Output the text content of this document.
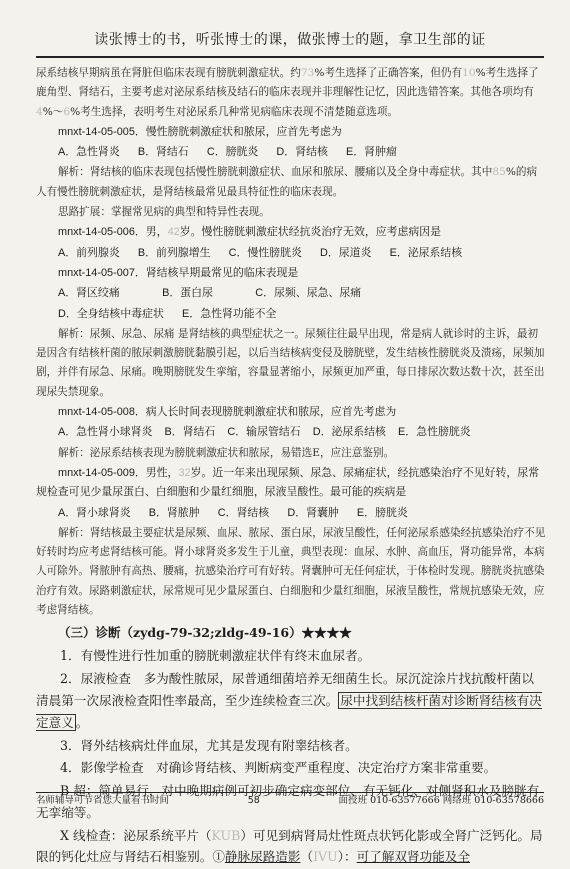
读张博士的书，听张博士的课，做张博士的题，拿卫生部的证

尿系结核早期病虽在肾脏但临床表现有膀胱刺激症状。约73%考生选择了正确答案，但仍有10%考生选择了鹿角型、肾结石，主要考虑对泌尿系结核及结石的临床表现并非理解性记忆，因此选错答案。其他各项均有4%～6%考生选择，表明考生对泌尿系几种常见病临床表现不清楚随意选项。

mnxt-14-05-005．慢性膀胱刺激症状和脓尿，应首先考虑为

A．急性肾炎      B．肾结石      C．膀胱炎      D．肾结核      E．肾肿瘤

解析：肾结核的临床表现包括慢性膀胱刺激症状、血尿和脓尿、腰痛以及全身中毒症状。其中85%的病人有慢性膀胱刺激症状，是肾结核最常见最具特征性的临床表现。

思路扩展：掌握常见病的典型和特异性表现。

mnxt-14-05-006．男，42岁。慢性膀胱刺激症状经抗炎治疗无效，应考虑病因是

A．前列腺炎      B．前列腺增生      C．慢性膀胱炎      D．尿道炎      E．泌尿系结核

mnxt-14-05-007．肾结核早期最常见的临床表现是

A．肾区绞痛              B．蛋白尿              C．尿频、尿急、尿痛

D．全身结核中毒症状      E．急性肾功能不全

解析：尿频、尿急、尿痛 是肾结核的典型症状之一。尿频往往最早出现，常是病人就诊时的主诉，最初是因含有结核杆菌的脓尿刺激膀胱黏膜引起，以后当结核病变侵及膀胱壁，发生结核性膀胱炎及溃疡，尿频加剧，并伴有尿急、尿痛。晚期膀胱发生挛缩，容量显著缩小，尿频更加严重，每日排尿次数达数十次，甚至出现尿失禁现象。

mnxt-14-05-008．病人长时间表现膀胱刺激症状和脓尿，应首先考虑为

A．急性肾小球肾炎    B．肾结石    C．输尿管结石    D．泌尿系结核    E．急性膀胱炎

解析：泌尿系结核表现为膀胱刺激症状和脓尿，易错选E，应注意鉴别。

mnxt-14-05-009．男性，32岁。近一年来出现尿频、尿急、尿痛症状，经抗感染治疗不见好转，尿常规检查可见少量尿蛋白、白细胞和少量红细胞，尿液呈酸性。最可能的疾病是

A．肾小球肾炎      B．肾脓肿      C．肾结核      D．肾囊肿      E．膀胱炎

解析：肾结核最主要症状是尿频、血尿、脓尿、蛋白尿，尿液呈酸性，任何泌尿系感染经抗感染治疗不见好转时均应考虑肾结核可能。肾小球肾炎多发生于儿童，典型表现：血尿、水肿、高血压，肾功能异常，本病人可除外。肾脓肿有高热、腰痛，抗感染治疗可有好转。肾囊肿可无任何症状，于体检时发现。膀胱炎抗感染治疗有效。尿路刺激症状，尿常规可见少量尿蛋白、白细胞和少量红细胞，尿液呈酸性，常规抗感染无效，应考虑肾结核。

（三）诊断（zydg-79-32;zldg-49-16）★★★★

1．有慢性进行性加重的膀胱刺激症状伴有终末血尿者。

2．尿液检查　多为酸性脓尿，尿普通细菌培养无细菌生长。尿沉淀涂片找抗酸杆菌以清晨第一次尿液检查阳性率最高，至少连续检查三次。 尿中找到结核杆菌对诊断肾结核有决定意义 。

3．肾外结核病灶伴血尿，尤其是发现有附睾结核者。

4．影像学检查　对确诊肾结核、判断病变严重程度、决定治疗方案非常重要。

B 超：简单易行，对中晚期病例可初步确定病变部位、有无钙化、对侧肾积水及膀胱有无挛缩等。

X 线检查：泌尿系统平片（KUB）可见到病肾局灶性斑点状钙化影或全肾广泛钙化。局限的钙化灶应与肾结石相鉴别。①静脉尿路造影（IVU）：可了解双肾功能及全

名师辅导可节省您大量看书时间	58	面授班 010-63577666 网络班 010-63578666
